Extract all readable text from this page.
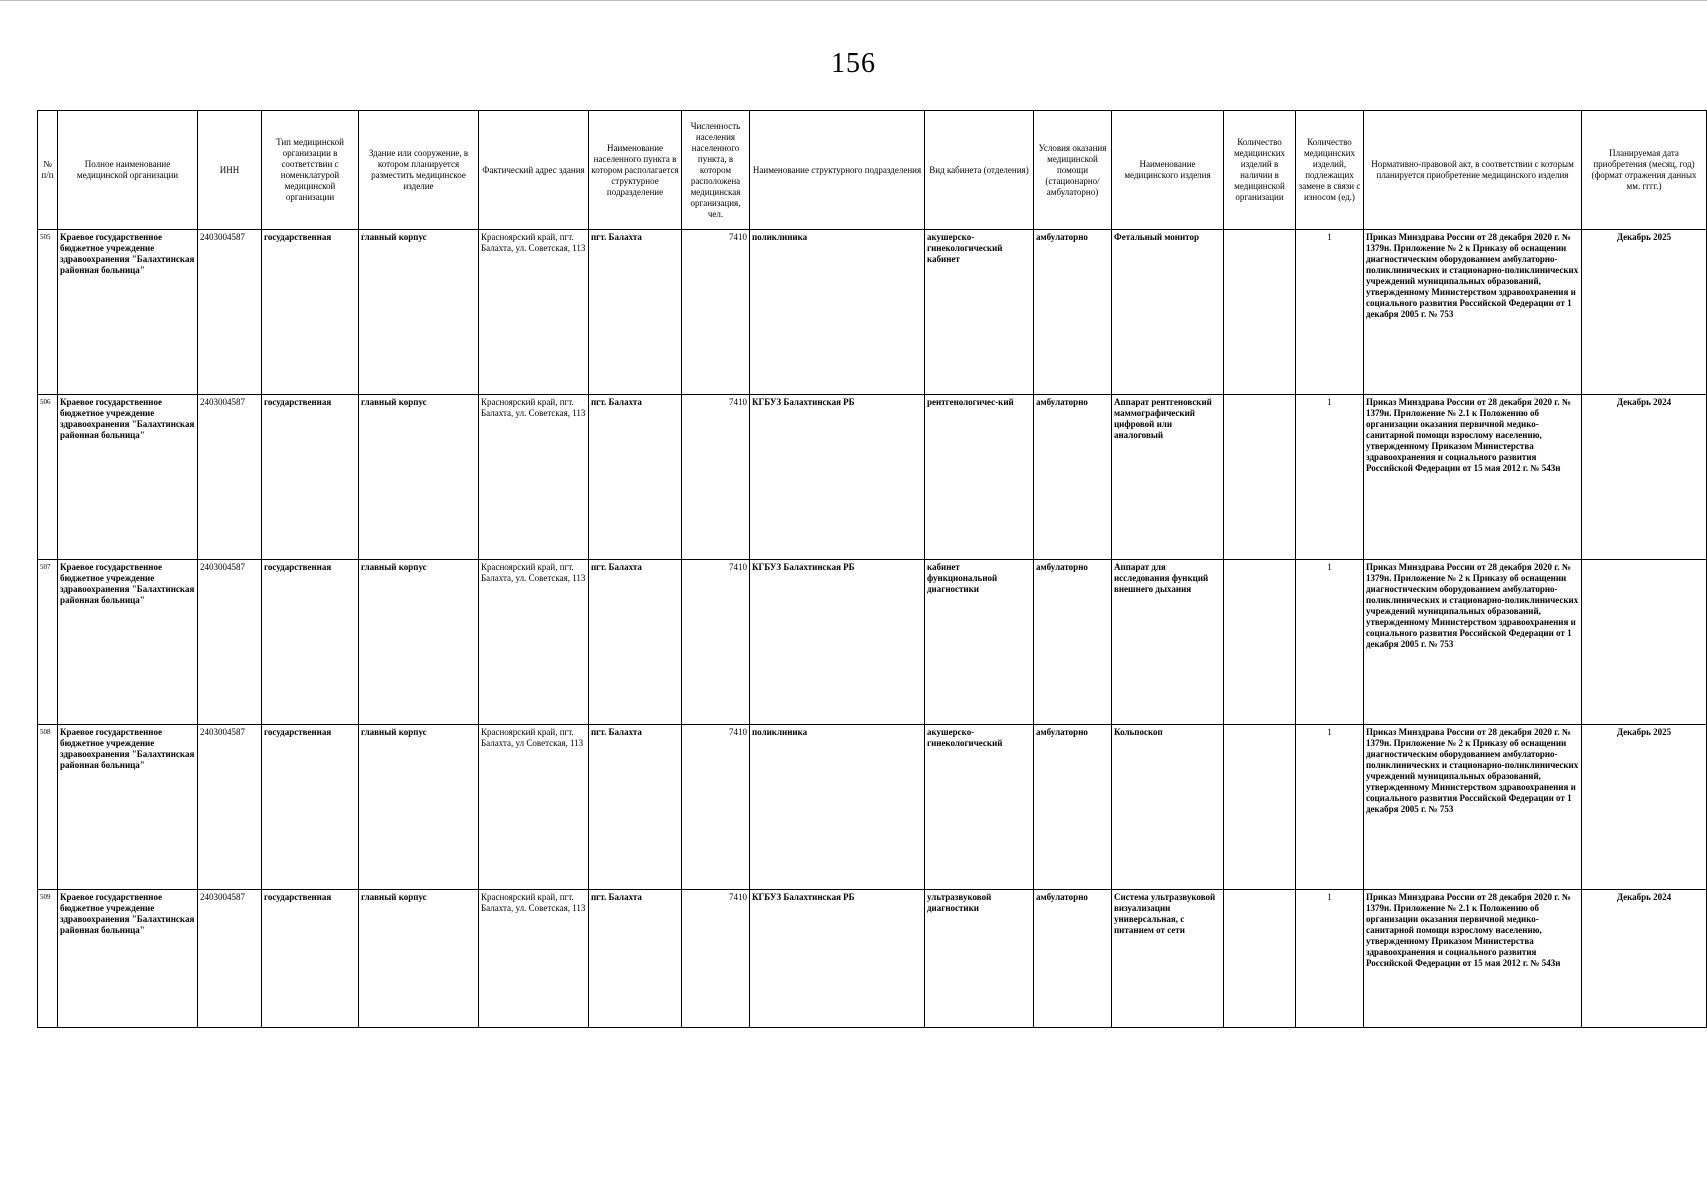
156
№ п/п	Полное наименование медицинской организации	ИНН	Тип медицинской организации в соответствии с номенклатурой медицинской организации	Здание или сооружение, в котором планируется разместить медицинское изделие	Фактический адрес здания	Наименование населенного пункта в котором располагается структурное подразделение	Численность населения населенного пункта, в котором расположена медицинская организация, чел.	Наименование структурного подразделения	Вид кабинета (отделения)	Условия оказания медицинской помощи (стационарно/ амбулаторно)	Наименование медицинского изделия	Количество медицинских изделий в наличии в медицинской организации	Количество медицинских изделий, подлежащих замене в связи с износом (ед.)	Нормативно-правовой акт, в соответствии с которым планируется приобретение медицинского изделия	Планируемая дата приобретения (месяц, год) (формат отражения данных мм. гггг.)
505	Краевое государственное бюджетное учреждение здравоохранения "Балахтинская районная больница"	2403004587	государственная	главный корпус	Красноярский край, пгт. Балахта, ул. Советская, 113	пгт. Балахта	7410	поликлиника	акушерско-гинекологический кабинет	амбулаторно	Фетальный монитор		1	Приказ Минздрава России от 28 декабря 2020 г. № 1379н. Приложение № 2 к Приказу об оснащении диагностическим оборудованием амбулаторно-поликлинических и стационарно-поликлинических учреждений муниципальных образований, утвержденному Министерством здравоохранения и социального развития Российской Федерации от 1 декабря 2005 г. № 753	Декабрь 2025
506	Краевое государственное бюджетное учреждение здравоохранения "Балахтинская районная больница"	2403004587	государственная	главный корпус	Красноярский край, пгт. Балахта, ул. Советская, 113	пгт. Балахта	7410	КГБУЗ Балахтинская РБ	рентгенологичес-кий	амбулаторно	Аппарат рентгеновский маммографический цифровой или аналоговый		1	Приказ Минздрава России от 28 декабря 2020 г. № 1379н. Приложение № 2.1 к Положению об организации оказания первичной медико-санитарной помощи взрослому населению, утвержденному Приказом Министерства здравоохранения и социального развития Российской Федерации от 15 мая 2012 г. № 543н	Декабрь 2024
507	Краевое государственное бюджетное учреждение здравоохранения "Балахтинская районная больница"	2403004587	государственная	главный корпус	Красноярский край, пгт. Балахта, ул. Советская, 113	пгт. Балахта	7410	КГБУЗ Балахтинская РБ	кабинет функциональной диагностики	амбулаторно	Аппарат для исследования функций внешнего дыхания		1	Приказ Минздрава России от 28 декабря 2020 г. № 1379н. Приложение № 2 к Приказу об оснащении диагностическим оборудованием амбулаторно-поликлинических и стационарно-поликлинических учреждений муниципальных образований, утвержденному Министерством здравоохранения и социального развития Российской Федерации от 1 декабря 2005 г. № 753	
508	Краевое государственное бюджетное учреждение здравоохранения "Балахтинская районная больница"	2403004587	государственная	главный корпус	Красноярский край, пгт. Балахта, ул Советская, 113	пгт. Балахта	7410	поликлиника	акушерско-гинекологический	амбулаторно	Кольпоскоп		1	Приказ Минздрава России от 28 декабря 2020 г. № 1379н. Приложение № 2 к Приказу об оснащении диагностическим оборудованием амбулаторно-поликлинических и стационарно-поликлинических учреждений муниципальных образований, утвержденному Министерством здравоохранения и социального развития Российской Федерации от 1 декабря 2005 г. № 753	Декабрь 2025
509	Краевое государственное бюджетное учреждение здравоохранения "Балахтинская районная больница"	2403004587	государственная	главный корпус	Красноярский край, пгт. Балахта, ул. Советская, 113	пгт. Балахта	7410	КГБУЗ Балахтинская РБ	ультразвуковой диагностики	амбулаторно	Система ультразвуковой визуализации универсальная, с питанием от сети		1	Приказ Минздрава России от 28 декабря 2020 г. № 1379н. Приложение № 2.1 к Положению об организации оказания первичной медико-санитарной помощи взрослому населению, утвержденному Приказом Министерства здравоохранения и социального развития Российской Федерации от 15 мая 2012 г. № 543н	Декабрь 2024
